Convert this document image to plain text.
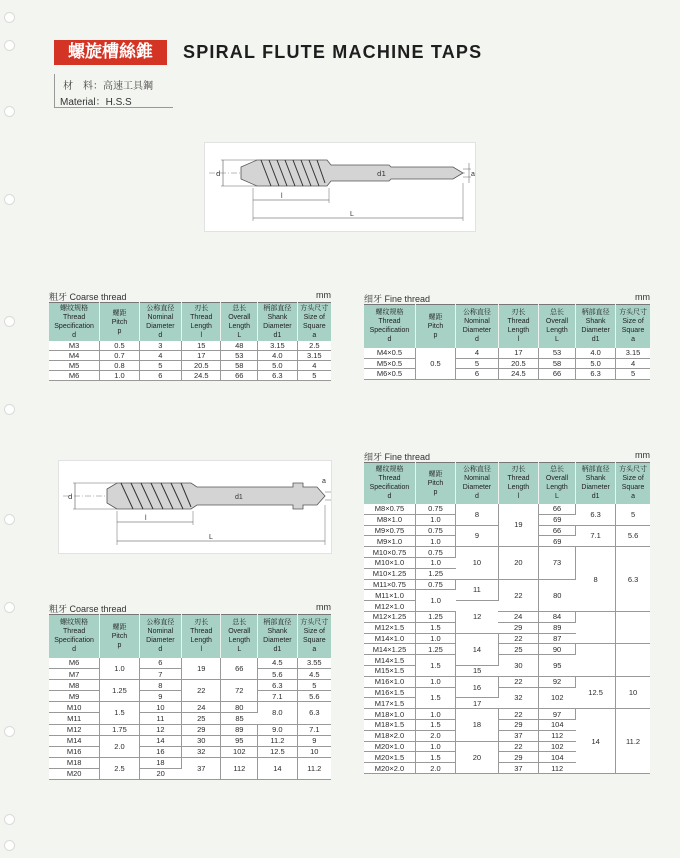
螺旋槽絲錐	SPIRAL FLUTE MACHINE TAPS
材　料：高速工具鋼
Material：H.S.S
d	d1	a
l
L
d	d1
a
l
L
粗牙 Coarse thread	mm
螺纹规格
Thread
Specification
d	螺距
Pitch
p	公称直径
Nominal
Diameter
d	刃长
Thread
Length
l	总长
Overall
Length
L	柄部直径
Shank
Diameter
d1	方头尺寸
Size of
Square
a

M3	0.5	3	15	48	3.15	2.5
M4	0.7	4	17	53	4.0	3.15
M5	0.8	5	20.5	58	5.0	4
M6	1.0	6	24.5	66	6.3	5
细牙 Fine thread	mm
螺纹规格
Thread
Specification
d	螺距
Pitch
p	公称直径
Nominal
Diameter
d	刃长
Thread
Length
l	总长
Overall
Length
L	柄部直径
Shank
Diameter
d1	方头尺寸
Size of
Square
a

M4×0.5	0.5	4	17	53	4.0	3.15
M5×0.5		5	20.5	58	5.0	4
M6×0.5		6	24.5	66	6.3	5
粗牙 Coarse thread	mm
螺纹规格
Thread
Specification
d	螺距
Pitch
p	公称直径
Nominal
Diameter
d	刃长
Thread
Length
l	总长
Overall
Length
L	柄部直径
Shank
Diameter
d1	方头尺寸
Size of
Square
a

M6	1.0	6	19	66	4.5	3.55
M7		7			5.6	4.5
M8	1.25	8	22	72	6.3	5
M9		9			7.1	5.6
M10	1.5	10	24	80	8.0	6.3
M11		11	25	85		
M12	1.75	12	29	89	9.0	7.1
M14	2.0	14	30	95	11.2	9
M16		16	32	102	12.5	10
M18	2.5	18	37	112	14	11.2
M20		20				
细牙 Fine thread	mm
螺纹规格
Thread
Specification
d	螺距
Pitch
p	公称直径
Nominal
Diameter
d	刃长
Thread
Length
l	总长
Overall
Length
L	柄部直径
Shank
Diameter
d1	方头尺寸
Size of
Square
a

M8×0.75	0.75	8	19	66	6.3	5
M8×1.0	1.0			69		
M9×0.75	0.75	9		66	7.1	5.6
M9×1.0	1.0			69		
M10×0.75	0.75	10	20	73	8	6.3
M10×1.0	1.0					
M10×1.25	1.25					
M11×0.75	0.75	11	22	80		
M11×1.0	1.0					
M12×1.0		12				
M12×1.25	1.25		24	84		
M12×1.5	1.5		29	89		
M14×1.0	1.0	14	22	87		
M14×1.25	1.25		25	90		
M14×1.5	1.5		30	95		
M15×1.5		15				
M16×1.0	1.0	16	22	92	12.5	10
M16×1.5	1.5		32	102		
M17×1.5		17				
M18×1.0	1.0	18	22	97	14	11.2
M18×1.5	1.5		29	104		
M18×2.0	2.0		37	112		
M20×1.0	1.0	20	22	102		
M20×1.5	1.5		29	104		
M20×2.0	2.0		37	112		
